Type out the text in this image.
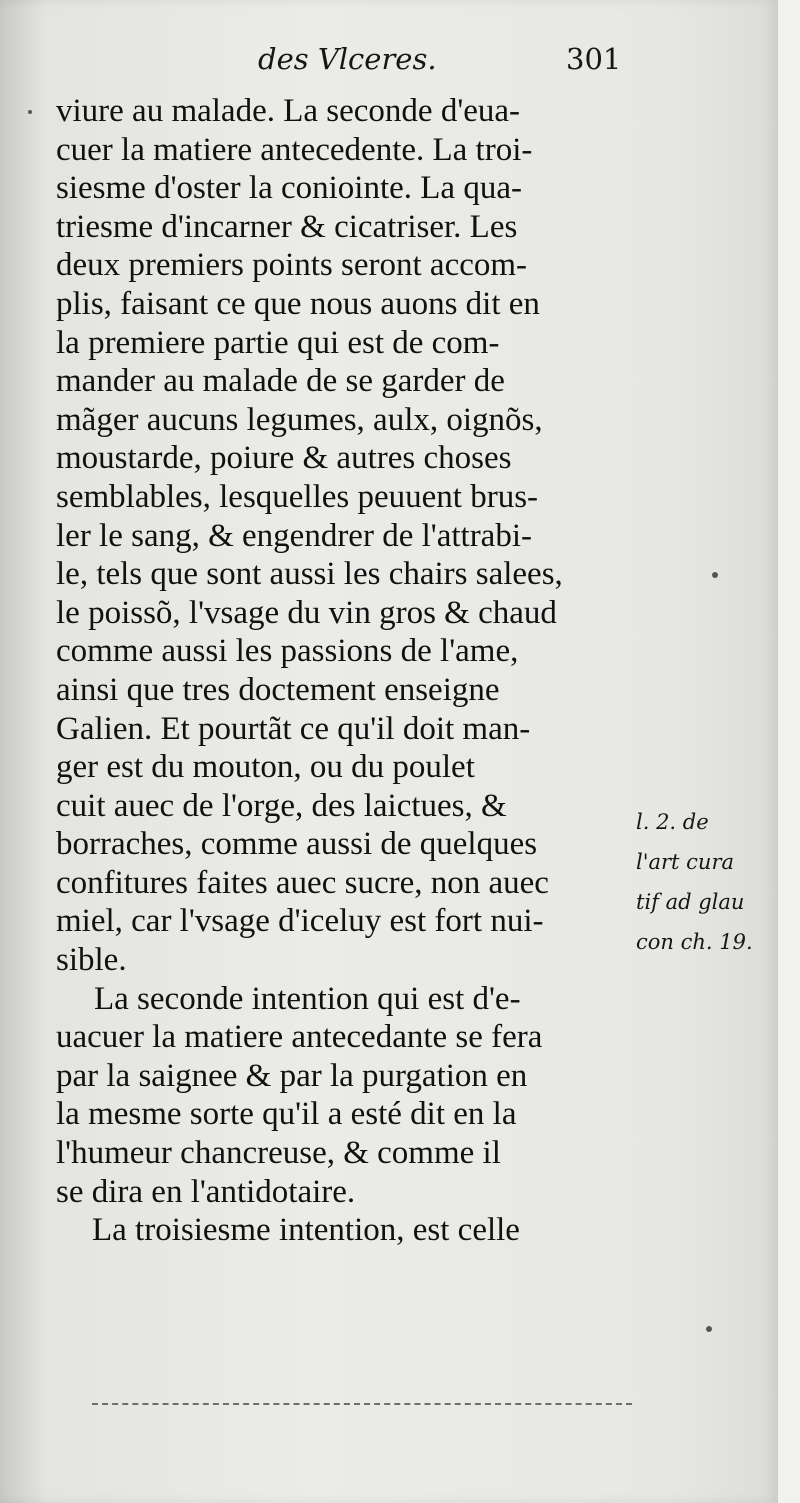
des Vlceres.	301
viure au malade. La seconde d'eua-
cuer la matiere antecedente. La troi-
siesme d'oster la coniointe. La qua-
triesme d'incarner & cicatriser. Les
deux premiers points seront accom-
plis, faisant ce que nous auons dit en
la premiere partie qui est de com-
mander au malade de se garder de
mãger aucuns legumes, aulx, oignõs,
moustarde, poiure & autres choses
semblables, lesquelles peuuent brus-
ler le sang, & engendrer de l'attrabi-
le, tels que sont aussi les chairs salees,
le poissõ, l'vsage du vin gros & chaud
comme aussi les passions de l'ame,
ainsi que tres doctement enseigne
Galien. Et pourtãt ce qu'il doit man-
ger est du mouton, ou du poulet
cuit auec de l'orge, des laictues, &
borraches, comme aussi de quelques
confitures faites auec sucre, non auec
miel, car l'vsage d'iceluy est fort nui-
sible.
La seconde intention qui est d'e-
uacuer la matiere antecedante se fera
par la saignee & par la purgation en
la mesme sorte qu'il a esté dit en la
l'humeur chancreuse, & comme il
se dira en l'antidotaire.
La troisiesme intention, est celle
l. 2. de
l'art cura
tif ad glau
con ch. 19.
